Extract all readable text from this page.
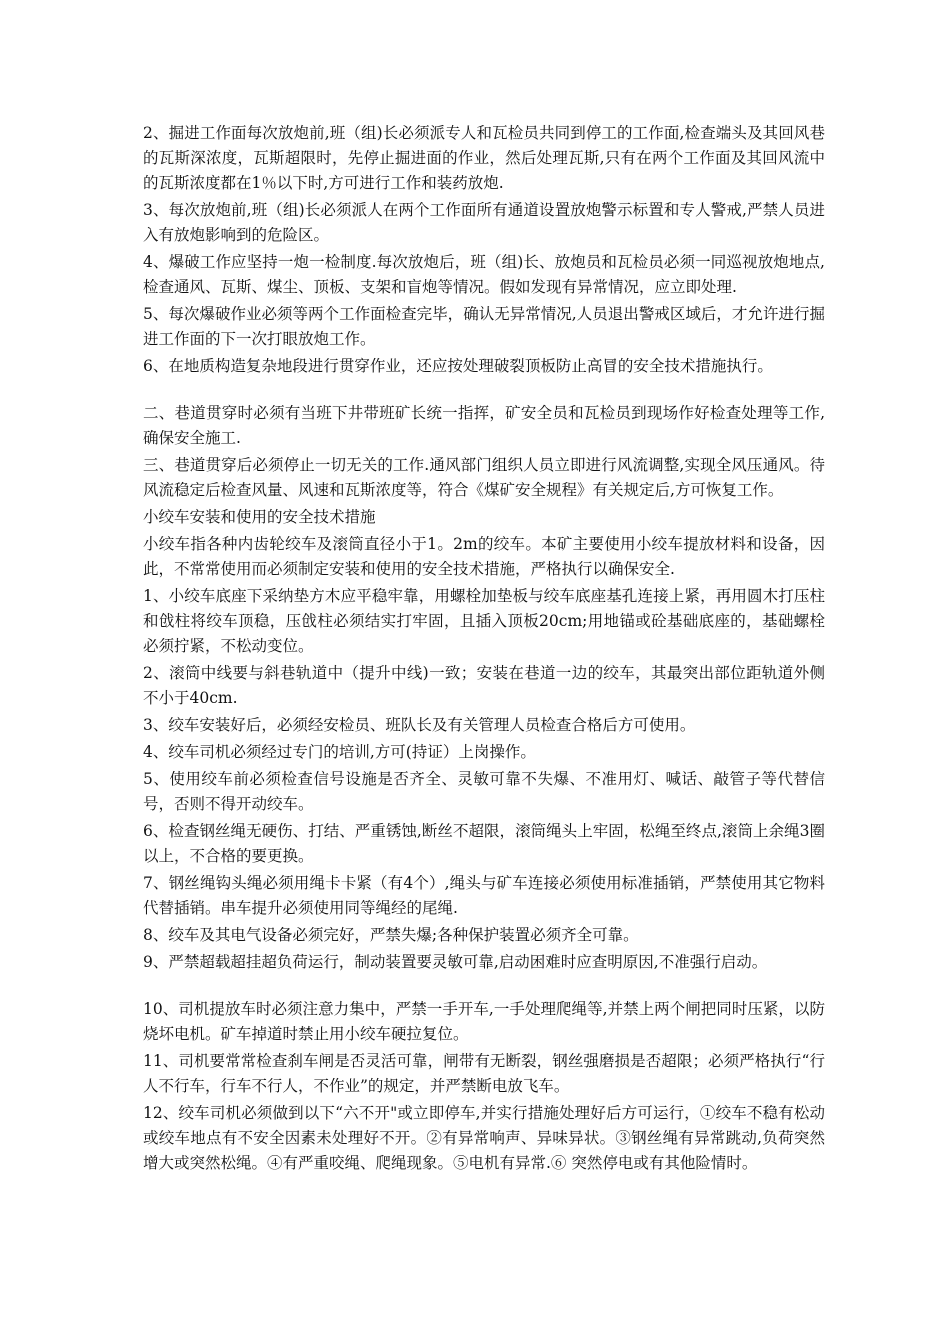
2、掘进工作面每次放炮前,班（组)长必须派专人和瓦检员共同到停工的工作面,检查端头及其回风巷的瓦斯深浓度，瓦斯超限时，先停止掘进面的作业，然后处理瓦斯,只有在两个工作面及其回风流中的瓦斯浓度都在1％以下时,方可进行工作和装药放炮.

3、每次放炮前,班（组)长必须派人在两个工作面所有通道设置放炮警示标置和专人警戒,严禁人员进入有放炮影响到的危险区。

4、爆破工作应坚持一炮一检制度.每次放炮后，班（组)长、放炮员和瓦检员必须一同巡视放炮地点,检查通风、瓦斯、煤尘、顶板、支架和盲炮等情况。假如发现有异常情况，应立即处理.

5、每次爆破作业必须等两个工作面检查完毕，确认无异常情况,人员退出警戒区域后，才允许进行掘进工作面的下一次打眼放炮工作。

6、在地质构造复杂地段进行贯穿作业，还应按处理破裂顶板防止高冒的安全技术措施执行。

二、巷道贯穿时必须有当班下井带班矿长统一指挥，矿安全员和瓦检员到现场作好检查处理等工作,确保安全施工.

三、巷道贯穿后必须停止一切无关的工作.通风部门组织人员立即进行风流调整,实现全风压通风。待风流稳定后检查风量、风速和瓦斯浓度等，符合《煤矿安全规程》有关规定后,方可恢复工作。

小绞车安装和使用的安全技术措施

小绞车指各种内齿轮绞车及滚筒直径小于1。2m的绞车。本矿主要使用小绞车提放材料和设备，因此，不常常使用而必须制定安装和使用的安全技术措施，严格执行以确保安全.

1、小绞车底座下采纳垫方木应平稳牢靠，用螺栓加垫板与绞车底座基孔连接上紧，再用圆木打压柱和戗柱将绞车顶稳，压戗柱必须结实打牢固，且插入顶板20cm;用地锚或砼基础底座的，基础螺栓必须拧紧，不松动变位。

2、滚筒中线要与斜巷轨道中（提升中线)一致；安装在巷道一边的绞车，其最突出部位距轨道外侧不小于40cm.

3、绞车安装好后，必须经安检员、班队长及有关管理人员检查合格后方可使用。

4、绞车司机必须经过专门的培训,方可(持证）上岗操作。

5、使用绞车前必须检查信号设施是否齐全、灵敏可靠不失爆、不准用灯、喊话、敲管子等代替信号，否则不得开动绞车。

6、检查钢丝绳无硬伤、打结、严重锈蚀,断丝不超限，滚筒绳头上牢固，松绳至终点,滚筒上余绳3圈以上，不合格的要更换。

7、钢丝绳钩头绳必须用绳卡卡紧（有4个）,绳头与矿车连接必须使用标准插销，严禁使用其它物料代替插销。串车提升必须使用同等绳经的尾绳.

8、绞车及其电气设备必须完好，严禁失爆;各种保护装置必须齐全可靠。

9、严禁超载超挂超负荷运行，制动装置要灵敏可靠,启动困难时应查明原因,不准强行启动。

10、司机提放车时必须注意力集中，严禁一手开车,一手处理爬绳等,并禁上两个闸把同时压紧，以防烧坏电机。矿车掉道时禁止用小绞车硬拉复位。

11、司机要常常检查刹车闸是否灵活可靠，闸带有无断裂，钢丝强磨损是否超限；必须严格执行“行人不行车，行车不行人，不作业”的规定，并严禁断电放飞车。

12、绞车司机必须做到以下“六不开"或立即停车,并实行措施处理好后方可运行，①绞车不稳有松动或绞车地点有不安全因素未处理好不开。②有异常响声、异味异状。③钢丝绳有异常跳动,负荷突然增大或突然松绳。④有严重咬绳、爬绳现象。⑤电机有异常.⑥ 突然停电或有其他险情时。
